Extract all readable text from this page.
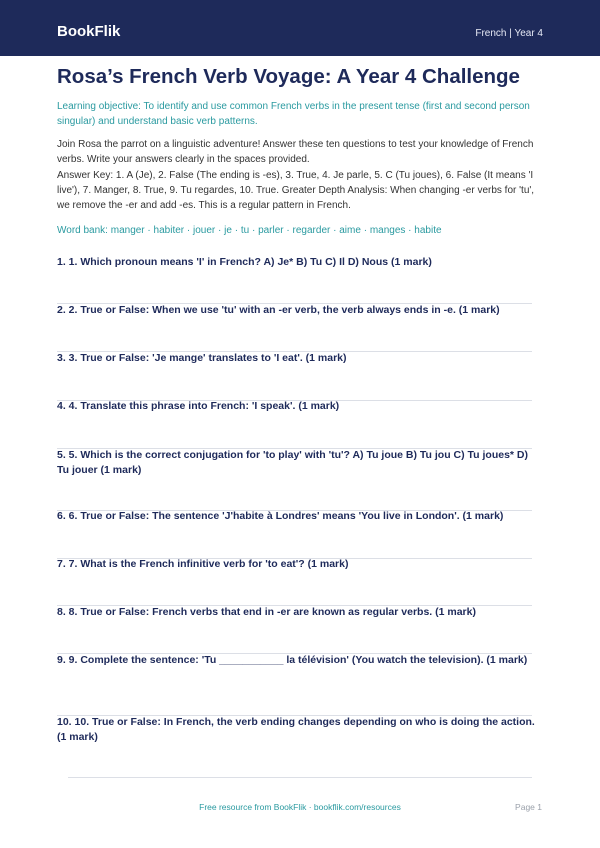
BookFlik	French | Year 4
Rosa’s French Verb Voyage: A Year 4 Challenge
Learning objective: To identify and use common French verbs in the present tense (first and second person singular) and understand basic verb patterns.
Join Rosa the parrot on a linguistic adventure! Answer these ten questions to test your knowledge of French verbs. Write your answers clearly in the spaces provided.
Answer Key: 1. A (Je), 2. False (The ending is -es), 3. True, 4. Je parle, 5. C (Tu joues), 6. False (It means 'I live'), 7. Manger, 8. True, 9. Tu regardes, 10. True. Greater Depth Analysis: When changing -er verbs for 'tu', we remove the -er and add -es. This is a regular pattern in French.
Word bank: manger · habiter · jouer · je · tu · parler · regarder · aime · manges · habite
1. 1. Which pronoun means 'I' in French? A) Je* B) Tu C) Il D) Nous (1 mark)
2. 2. True or False: When we use 'tu' with an -er verb, the verb always ends in -e. (1 mark)
3. 3. True or False: 'Je mange' translates to 'I eat'. (1 mark)
4. 4. Translate this phrase into French: 'I speak'. (1 mark)
5. 5. Which is the correct conjugation for 'to play' with 'tu'? A) Tu joue B) Tu jou C) Tu joues* D) Tu jouer (1 mark)
6. 6. True or False: The sentence 'J'habite à Londres' means 'You live in London'. (1 mark)
7. 7. What is the French infinitive verb for 'to eat'? (1 mark)
8. 8. True or False: French verbs that end in -er are known as regular verbs. (1 mark)
9. 9. Complete the sentence: 'Tu ___________ la télévision' (You watch the television). (1 mark)
10. 10. True or False: In French, the verb ending changes depending on who is doing the action. (1 mark)
Free resource from BookFlik · bookflik.com/resources	Page 1
